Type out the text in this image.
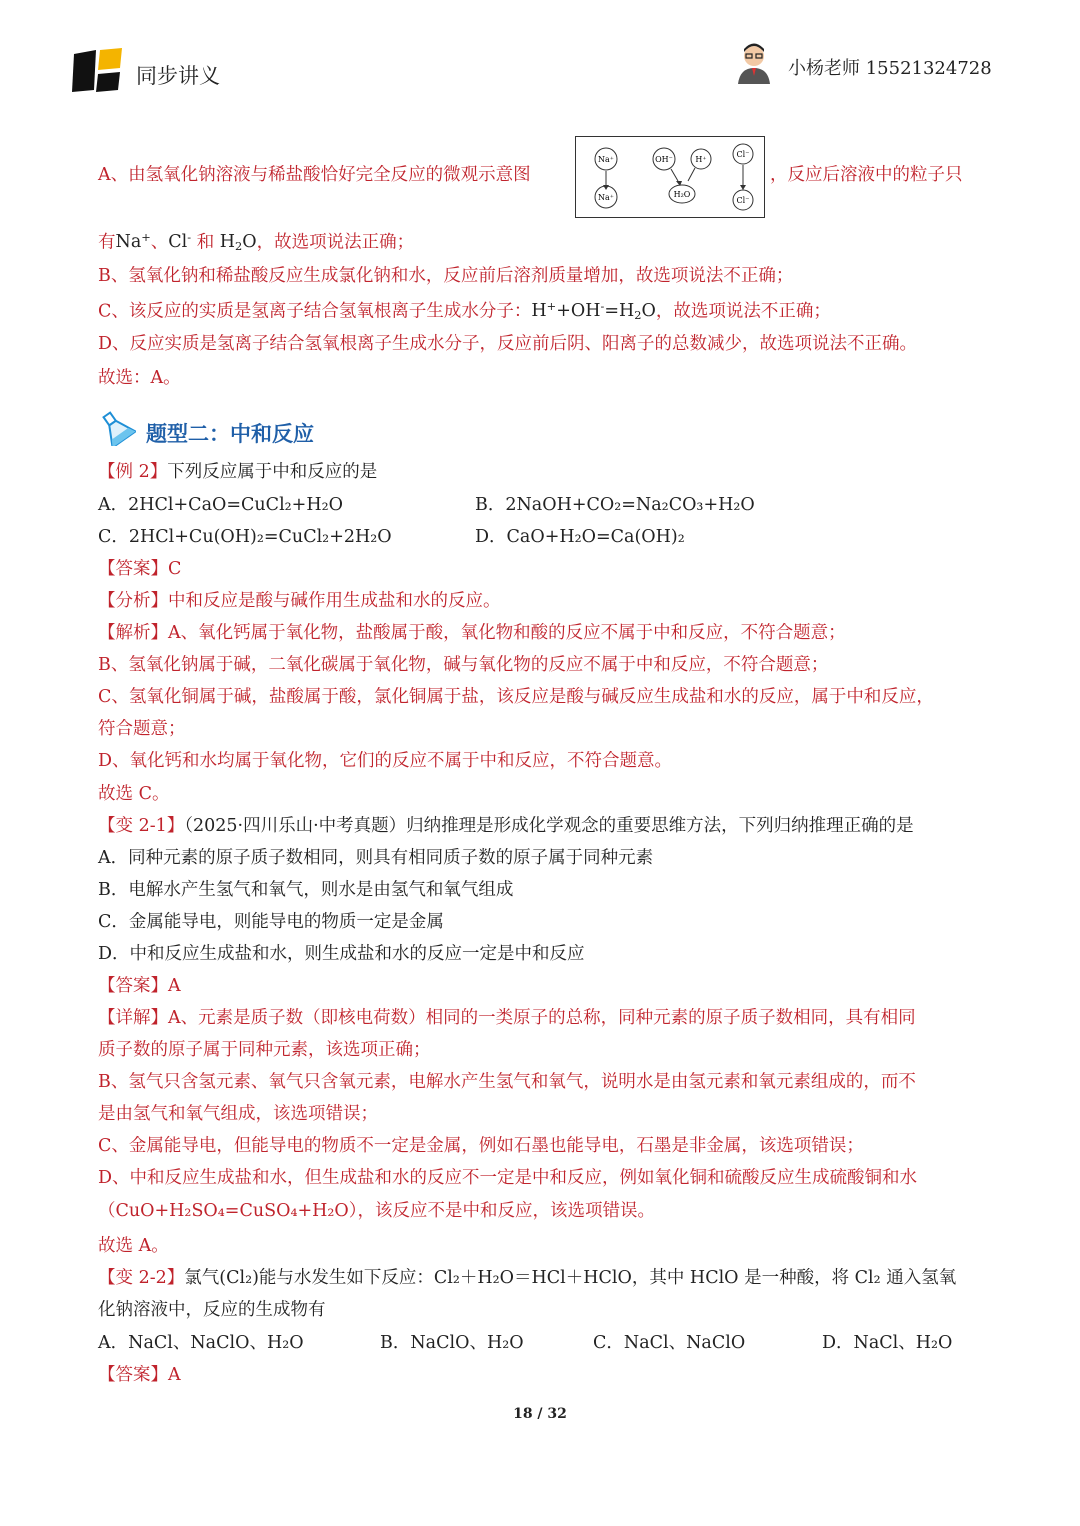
同步讲义	小杨老师 15521324728
A、由氢氧化钠溶液与稀盐酸恰好完全反应的微观示意图
Na⁺
Na⁺
OH⁻	H⁺
H₂O
Cl⁻
Cl⁻
，反应后溶液中的粒子只
有Na+、Cl- 和 $H_2O$，故选项说法正确；
B、氢氧化钠和稀盐酸反应生成氯化钠和水，反应前后溶剂质量增加，故选项说法不正确；
C、该反应的实质是氢离子结合氢氧根离子生成水分子：$H^++OH^-=H_2O$，故选项说法不正确；
D、反应实质是氢离子结合氢氧根离子生成水分子，反应前后阴、阳离子的总数减少，故选项说法不正确。
故选：A。
题型二：中和反应
【例 2】下列反应属于中和反应的是
A．2HCl+CaO=CuCl₂+H₂O	B．2NaOH+CO₂=Na₂CO₃+H₂O
C．2HCl+Cu(OH)₂=CuCl₂+2H₂O	D．CaO+H₂O=Ca(OH)₂
【答案】C
【分析】中和反应是酸与碱作用生成盐和水的反应。
【解析】A、氧化钙属于氧化物，盐酸属于酸，氧化物和酸的反应不属于中和反应，不符合题意；
B、氢氧化钠属于碱，二氧化碳属于氧化物，碱与氧化物的反应不属于中和反应，不符合题意；
C、氢氧化铜属于碱，盐酸属于酸，氯化铜属于盐，该反应是酸与碱反应生成盐和水的反应，属于中和反应，
符合题意；
D、氧化钙和水均属于氧化物，它们的反应不属于中和反应，不符合题意。
故选 C。
【变 2-1】（2025·四川乐山·中考真题）归纳推理是形成化学观念的重要思维方法，下列归纳推理正确的是
A．同种元素的原子质子数相同，则具有相同质子数的原子属于同种元素
B．电解水产生氢气和氧气，则水是由氢气和氧气组成
C．金属能导电，则能导电的物质一定是金属
D．中和反应生成盐和水，则生成盐和水的反应一定是中和反应
【答案】A
【详解】A、元素是质子数（即核电荷数）相同的一类原子的总称，同种元素的原子质子数相同，具有相同
质子数的原子属于同种元素，该选项正确；
B、氢气只含氢元素、氧气只含氧元素，电解水产生氢气和氧气，说明水是由氢元素和氧元素组成的，而不
是由氢气和氧气组成，该选项错误；
C、金属能导电，但能导电的物质不一定是金属，例如石墨也能导电，石墨是非金属，该选项错误；
D、中和反应生成盐和水，但生成盐和水的反应不一定是中和反应，例如氧化铜和硫酸反应生成硫酸铜和水
（CuO+H₂SO₄=CuSO₄+H₂O），该反应不是中和反应，该选项错误。
故选 A。
【变 2-2】氯气(Cl₂)能与水发生如下反应：Cl₂＋H₂O＝HCl＋HClO，其中 HClO 是一种酸，将 Cl₂ 通入氢氧
化钠溶液中，反应的生成物有
A．NaCl、NaClO、H₂O	B．NaClO、H₂O	C．NaCl、NaClO	D．NaCl、H₂O
【答案】A
18 / 32
